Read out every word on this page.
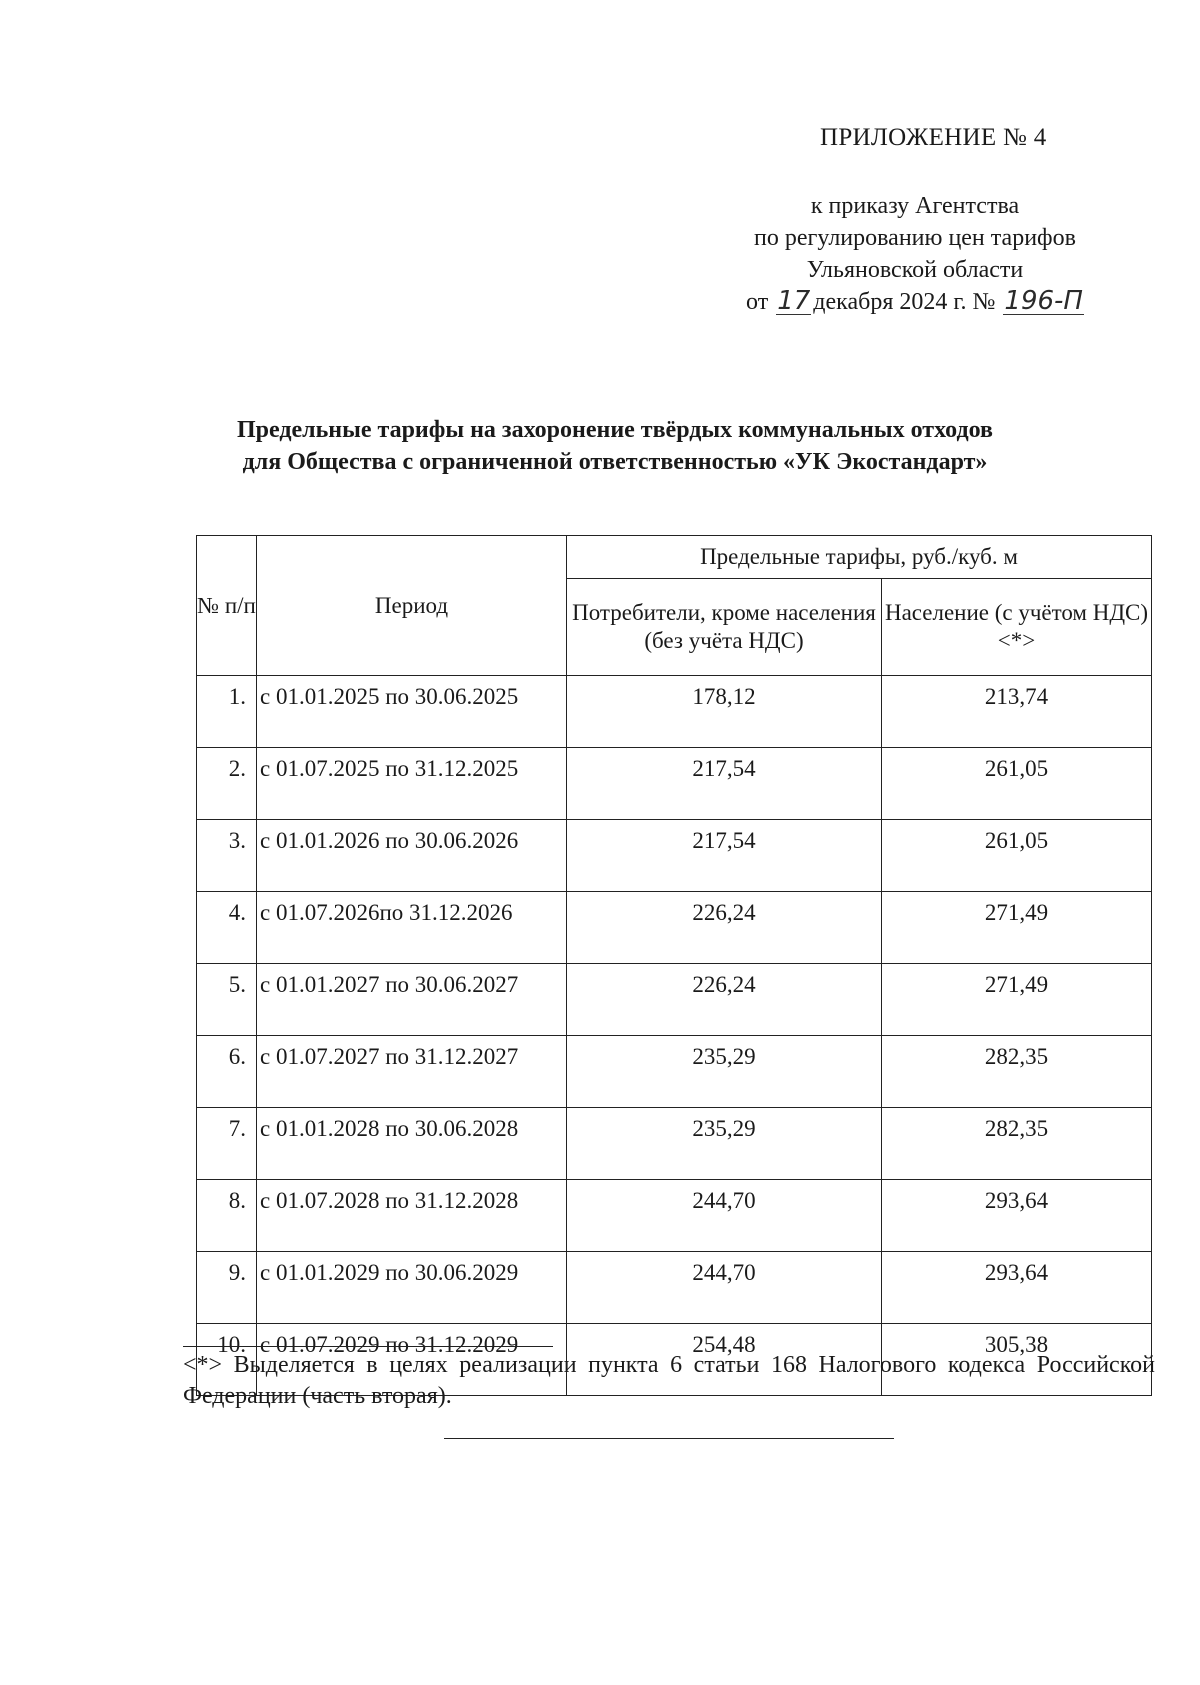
ПРИЛОЖЕНИЕ № 4
к приказу Агентства
по регулированию цен тарифов
Ульяновской области
от 17 декабря 2024 г. № 196-П
Предельные тарифы на захоронение твёрдых коммунальных отходов
для Общества с ограниченной ответственностью «УК Экостандарт»
№ п/п	Период	Предельные тарифы, руб./куб. м	
		Потребители, кроме населения (без учёта НДС)	Население (с учётом НДС)<*>
1.	с 01.01.2025 по 30.06.2025	178,12	213,74
2.	с 01.07.2025 по 31.12.2025	217,54	261,05
3.	с 01.01.2026 по 30.06.2026	217,54	261,05
4.	с 01.07.2026по 31.12.2026	226,24	271,49
5.	с 01.01.2027 по 30.06.2027	226,24	271,49
6.	с 01.07.2027 по 31.12.2027	235,29	282,35
7.	с 01.01.2028 по 30.06.2028	235,29	282,35
8.	с 01.07.2028 по 31.12.2028	244,70	293,64
9.	с 01.01.2029 по 30.06.2029	244,70	293,64
10.	с 01.07.2029 по 31.12.2029	254,48	305,38
<*> Выделяется в целях реализации пункта 6 статьи 168 Налогового кодекса Российской Федерации (часть вторая).
